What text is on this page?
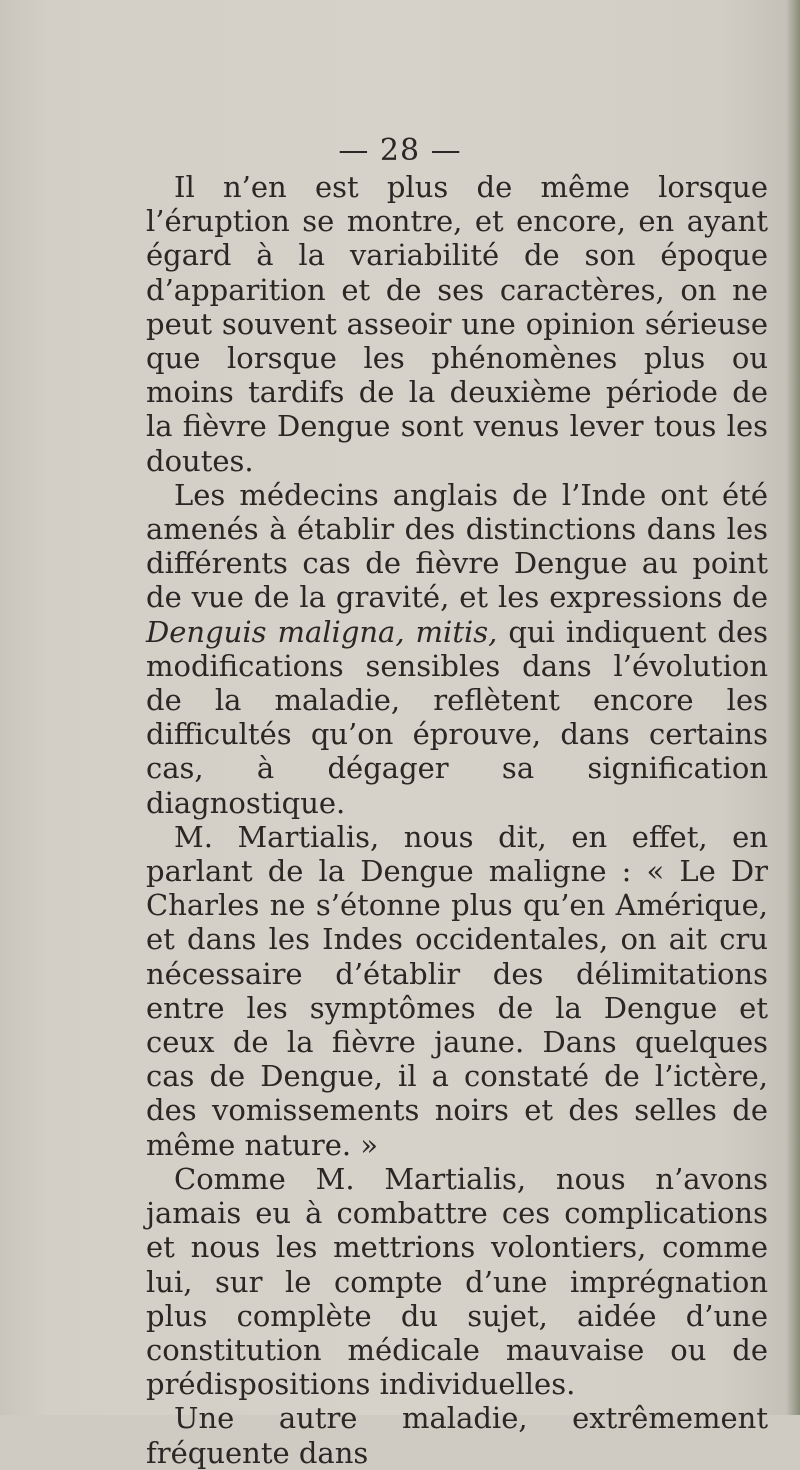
— 28 —

Il n’en est plus de même lorsque l’éruption se montre, et encore, en ayant égard à la variabilité de son époque d’apparition et de ses caractères, on ne peut souvent asseoir une opinion sérieuse que lorsque les phénomènes plus ou moins tardifs de la deuxième période de la fièvre Dengue sont venus lever tous les doutes.

Les médecins anglais de l’Inde ont été amenés à établir des distinctions dans les différents cas de fièvre Dengue au point de vue de la gravité, et les expressions de Denguis maligna, mitis, qui indiquent des modifications sensibles dans l’évolution de la maladie, reflètent encore les difficultés qu’on éprouve, dans certains cas, à dégager sa signification diagnostique.

M. Martialis, nous dit, en effet, en parlant de la Dengue maligne : « Le Dr Charles ne s’étonne plus qu’en Amérique, et dans les Indes occidentales, on ait cru nécessaire d’établir des délimitations entre les symptômes de la Dengue et ceux de la fièvre jaune. Dans quelques cas de Dengue, il a constaté de l’ictère, des vomissements noirs et des selles de même nature. »

Comme M. Martialis, nous n’avons jamais eu à combattre ces complications et nous les mettrions volontiers, comme lui, sur le compte d’une imprégnation plus complète du sujet, aidée d’une constitution médicale mauvaise ou de prédispositions individuelles.

Une autre maladie, extrêmement fréquente dans
